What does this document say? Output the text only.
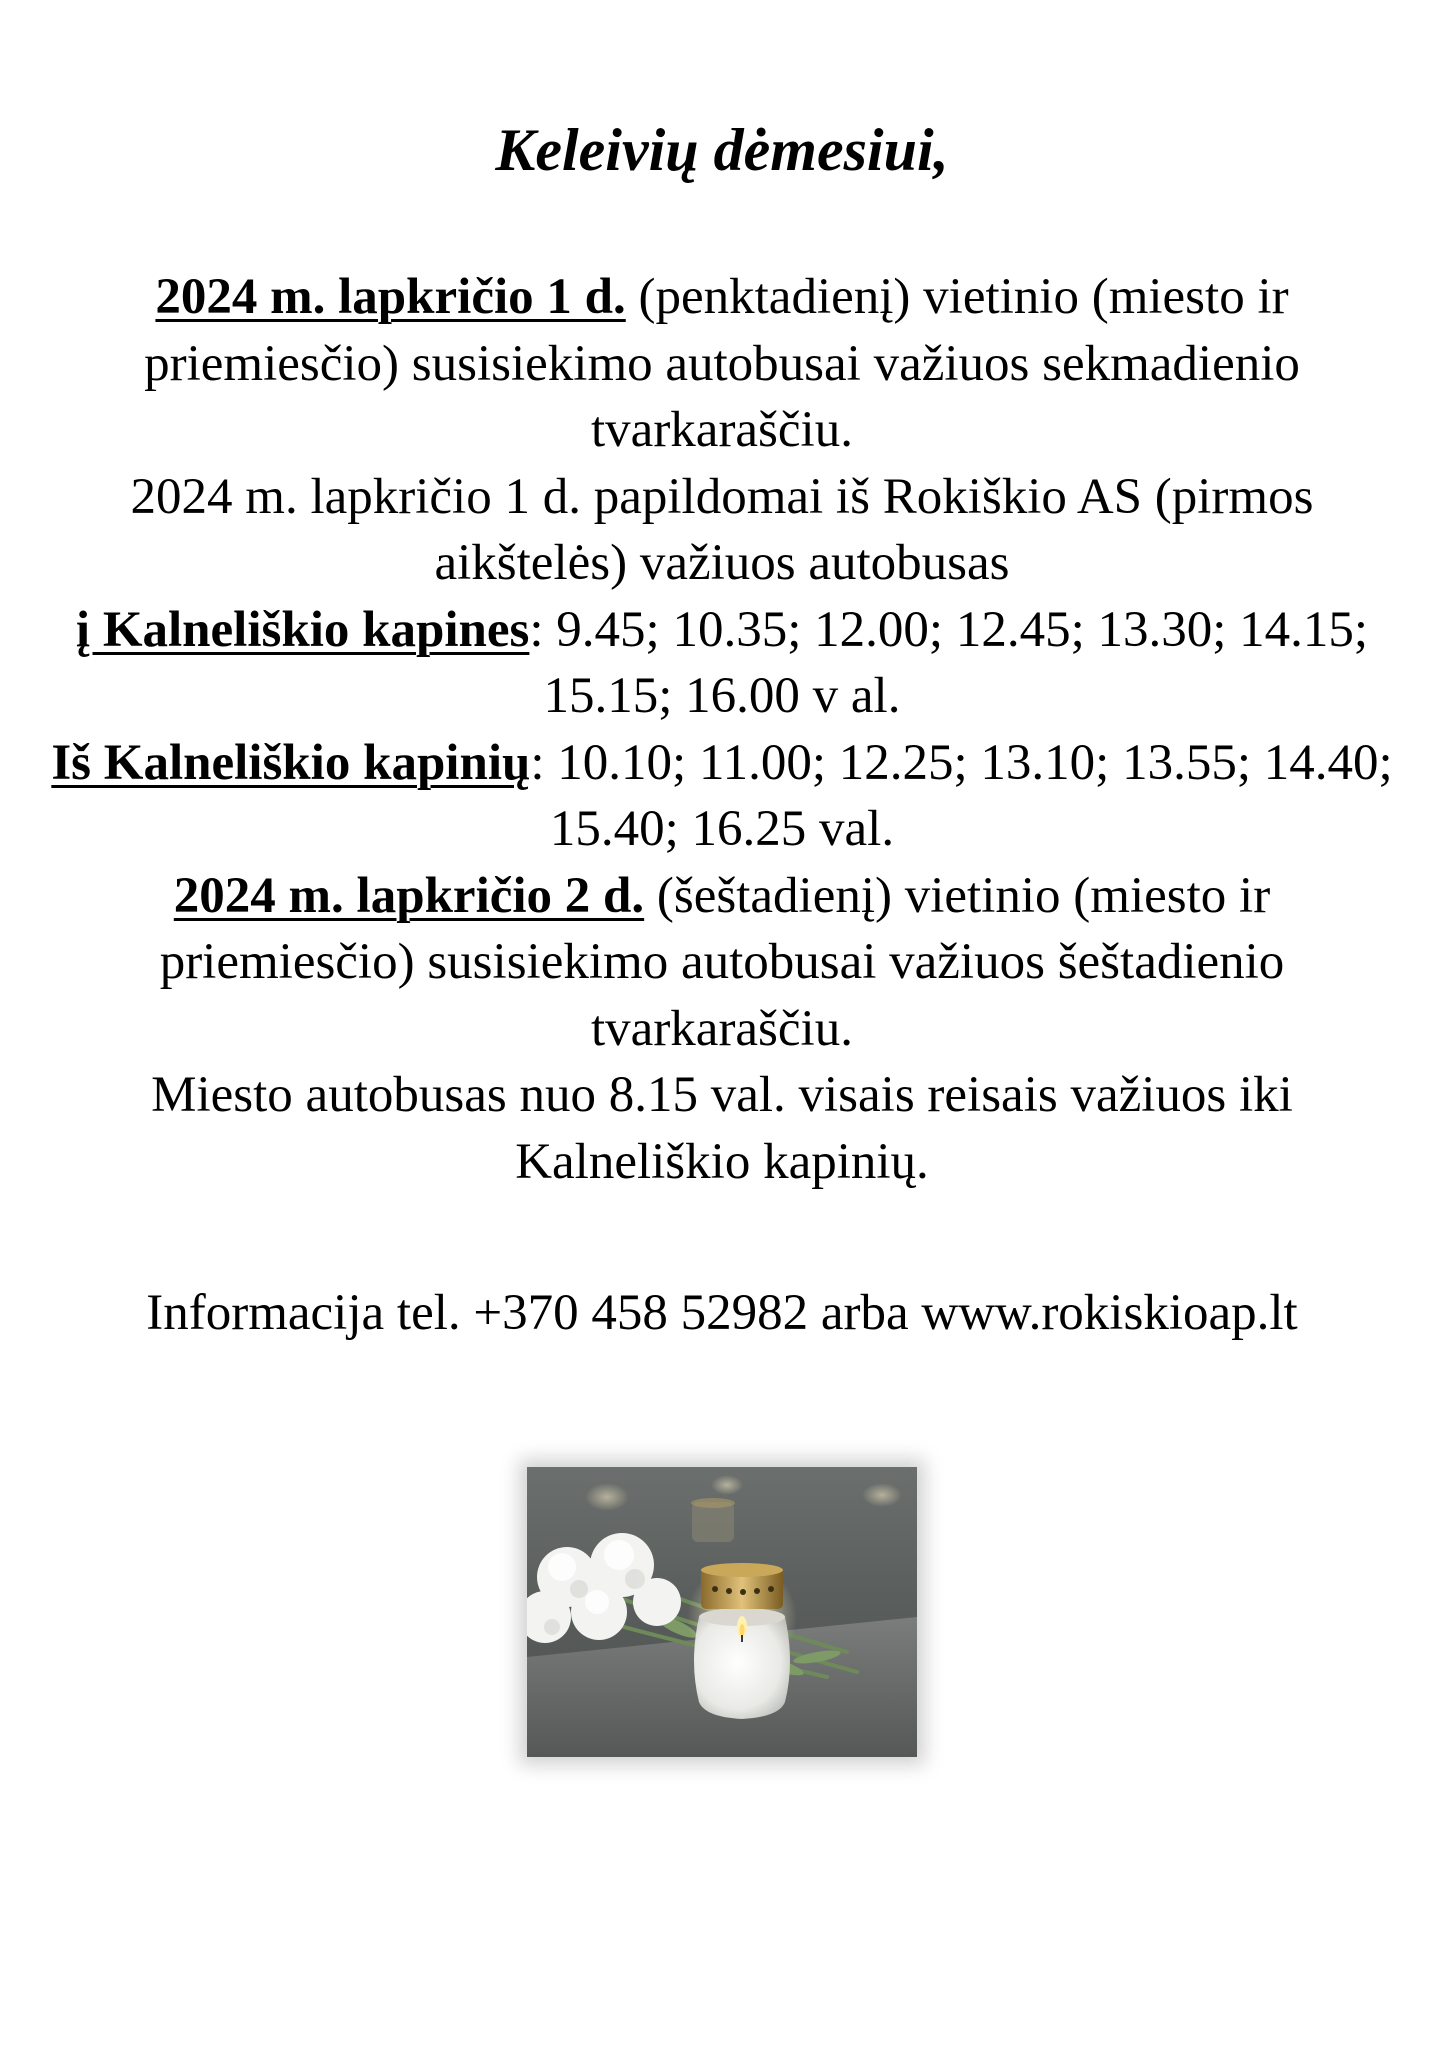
Keleivių dėmesiui,

2024 m. lapkričio 1 d. (penktadienį) vietinio (miesto ir priemiesčio) susisiekimo autobusai važiuos sekmadienio tvarkaraščiu.

2024 m. lapkričio 1 d. papildomai iš Rokiškio AS (pirmos aikštelės) važiuos autobusas

į Kalneliškio kapines: 9.45; 10.35; 12.00; 12.45; 13.30; 14.15; 15.15; 16.00 v al.

Iš Kalneliškio kapinių: 10.10; 11.00; 12.25; 13.10; 13.55; 14.40; 15.40; 16.25 val.

2024 m. lapkričio 2 d. (šeštadienį) vietinio (miesto ir priemiesčio) susisiekimo autobusai važiuos šeštadienio tvarkaraščiu.

Miesto autobusas nuo 8.15 val. visais reisais važiuos iki Kalneliškio kapinių.

Informacija tel. +370 458 52982 arba www.rokiskioap.lt
